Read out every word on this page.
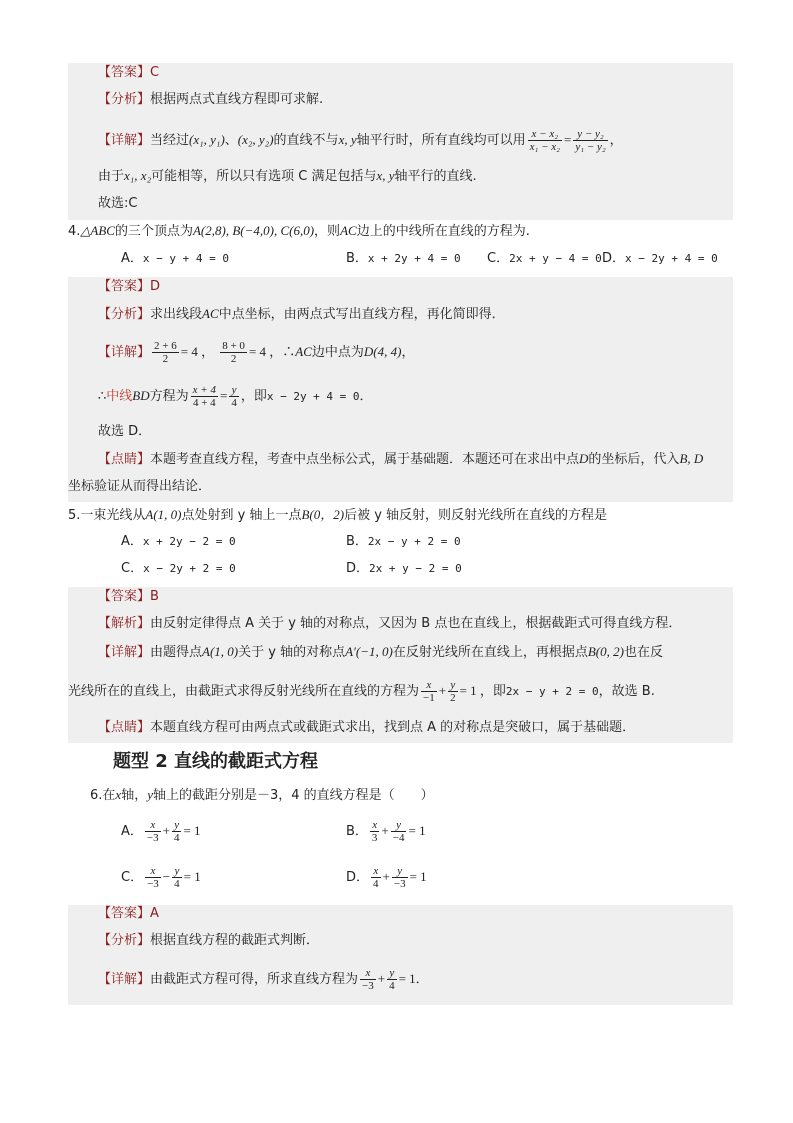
【答案】C
【分析】根据两点式直线方程即可求解.
【详解】当经过(x₁, y₁)、(x₂, y₂)的直线不与x, y轴平行时，所有直线均可以用 $\frac{\text{x − x₂}}{\text{x₁ − x₂}} = \frac{\text{y − y₂}}{\text{y₁ − y₂}}$ ，
由于x₁, x₂可能相等，所以只有选项 C 满足包括与x, y轴平行的直线.
故选:C
4.△ABC的三个顶点为A(2,8), B(−4,0), C(6,0)，则AC边上的中线所在直线的方程为.
A．x − y + 4 = 0	B．x + 2y + 4 = 0 C．2x + y − 4 = 0 D．x − 2y + 4 = 0
【答案】D
【分析】求出线段AC中点坐标，由两点式写出直线方程，再化简即得．
【详解】 $\frac{2 + 6}{2} = 4$ ， $\frac{8 + 0}{2} = 4$ ，∴AC边中点为D(4, 4)，
∴中线BD方程为 $\frac{x + 4}{4 + 4} = \frac{y}{4}$ ，即x − 2y + 4 = 0．
故选 D．
【点睛】本题考查直线方程，考查中点坐标公式，属于基础题．本题还可在求出中点D的坐标后，代入B, D
坐标验证从而得出结论．
5.一束光线从A(1, 0)点处射到 y 轴上一点B(0，2)后被 y 轴反射，则反射光线所在直线的方程是
A．x + 2y − 2 = 0	B．2x − y + 2 = 0
C．x − 2y + 2 = 0	D．2x + y − 2 = 0
【答案】B
【解析】由反射定律得点 A 关于 y 轴的对称点，又因为 B 点也在直线上，根据截距式可得直线方程．
【详解】由题得点A(1, 0)关于 y 轴的对称点A′(−1, 0)在反射光线所在直线上，再根据点B(0, 2)也在反
光线所在的直线上，由截距式求得反射光线所在直线的方程为 $\frac{x}{-1} + \frac{y}{2} = 1$ ，即2x − y + 2 = 0，故选 B.
【点睛】本题直线方程可由两点式或截距式求出，找到点 A 的对称点是突破口，属于基础题．
题型 2 直线的截距式方程
6.在x轴，y轴上的截距分别是－3，4 的直线方程是（　　）
A． $\frac{x}{-3} + \frac{y}{4} = 1$	B． $\frac{x}{3} + \frac{y}{-4} = 1$
C． $\frac{x}{-3} - \frac{y}{4} = 1$	D． $\frac{x}{4} + \frac{y}{-3} = 1$
【答案】A
【分析】根据直线方程的截距式判断．
【详解】由截距式方程可得，所求直线方程为 $\frac{x}{-3} + \frac{y}{4} = 1$．
